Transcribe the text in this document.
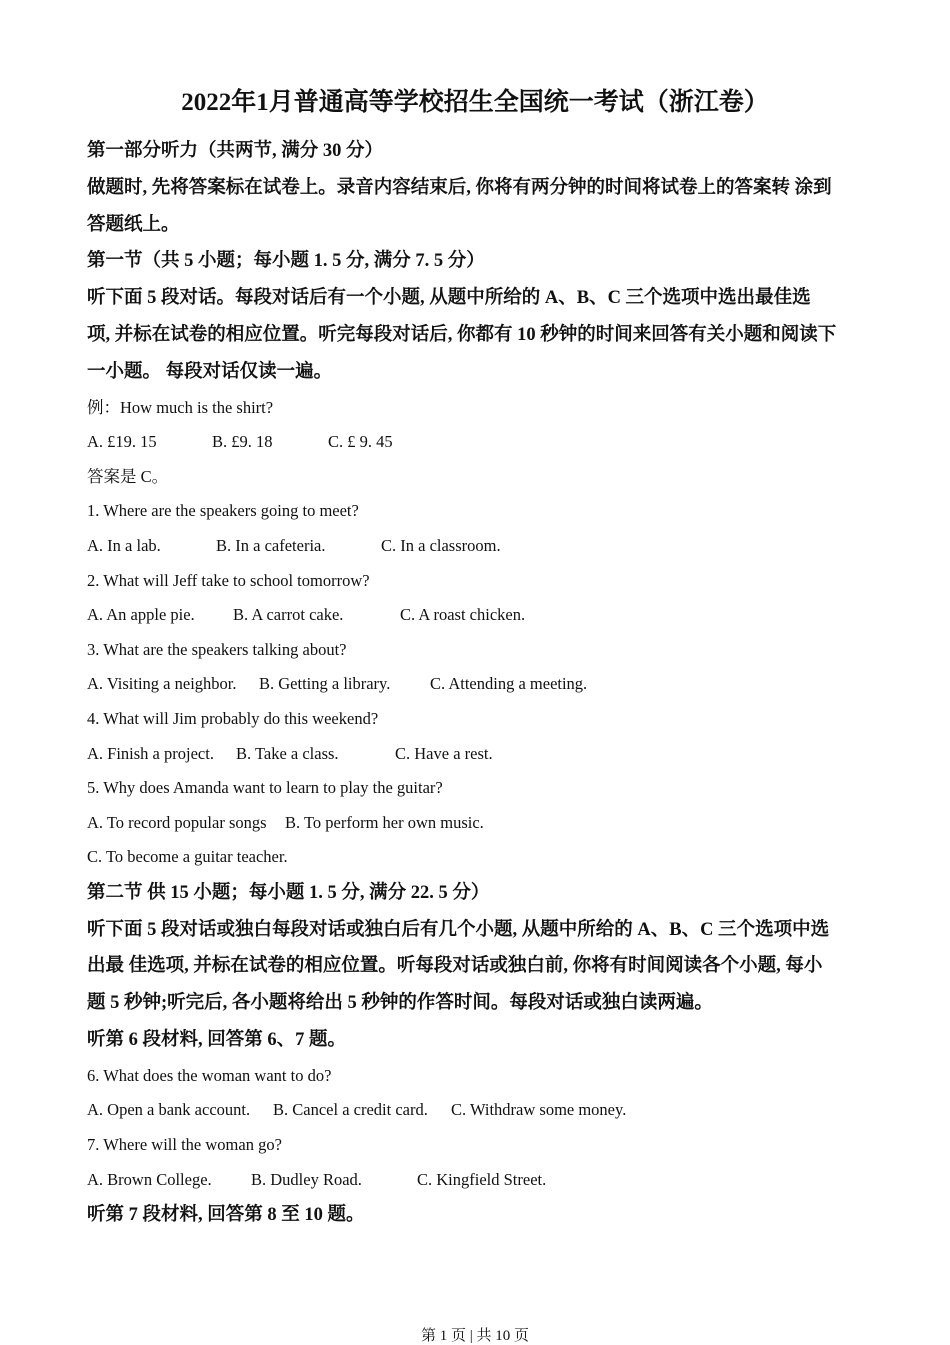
2022年1月普通高等学校招生全国统一考试（浙江卷）
第一部分听力（共两节, 满分 30 分）
做题时, 先将答案标在试卷上。录音内容结束后, 你将有两分钟的时间将试卷上的答案转 涂到
答题纸上。
第一节（共 5 小题；每小题 1. 5 分, 满分 7. 5 分）
听下面 5 段对话。每段对话后有一个小题, 从题中所给的 A、B、C 三个选项中选出最佳选
项, 并标在试卷的相应位置。听完每段对话后, 你都有 10 秒钟的时间来回答有关小题和阅读下
一小题。 每段对话仅读一遍。
例：How much is the shirt?
A. £19. 15	B. £9. 18	C. £ 9. 45
答案是 C。
1. Where are the speakers going to meet?
A. In a lab.	B. In a cafeteria.	C. In a classroom.
2. What will Jeff take to school tomorrow?
A. An apple pie. B. A carrot cake.	C. A roast chicken.
3. What are the speakers talking about?
A. Visiting a neighbor. B. Getting a library. C. Attending a meeting.
4. What will Jim probably do this weekend?
A. Finish a project. B. Take a class.	C. Have a rest.
5. Why does Amanda want to learn to play the guitar?
A. To record popular songs B. To perform her own music.
C. To become a guitar teacher.
第二节 供 15 小题；每小题 1. 5 分, 满分 22. 5 分）
听下面 5 段对话或独白每段对话或独白后有几个小题, 从题中所给的 A、B、C 三个选项中选
出最 佳选项, 并标在试卷的相应位置。听每段对话或独白前, 你将有时间阅读各个小题, 每小
题 5 秒钟;听完后, 各小题将给出 5 秒钟的作答时间。每段对话或独白读两遍。
听第 6 段材料, 回答第 6、7 题。
6. What does the woman want to do?
A. Open a bank account. B. Cancel a credit card. C. Withdraw some money.
7. Where will the woman go?
A. Brown College. B. Dudley Road.	C. Kingfield Street.
听第 7 段材料, 回答第 8 至 10 题。
第 1 页 | 共 10 页
